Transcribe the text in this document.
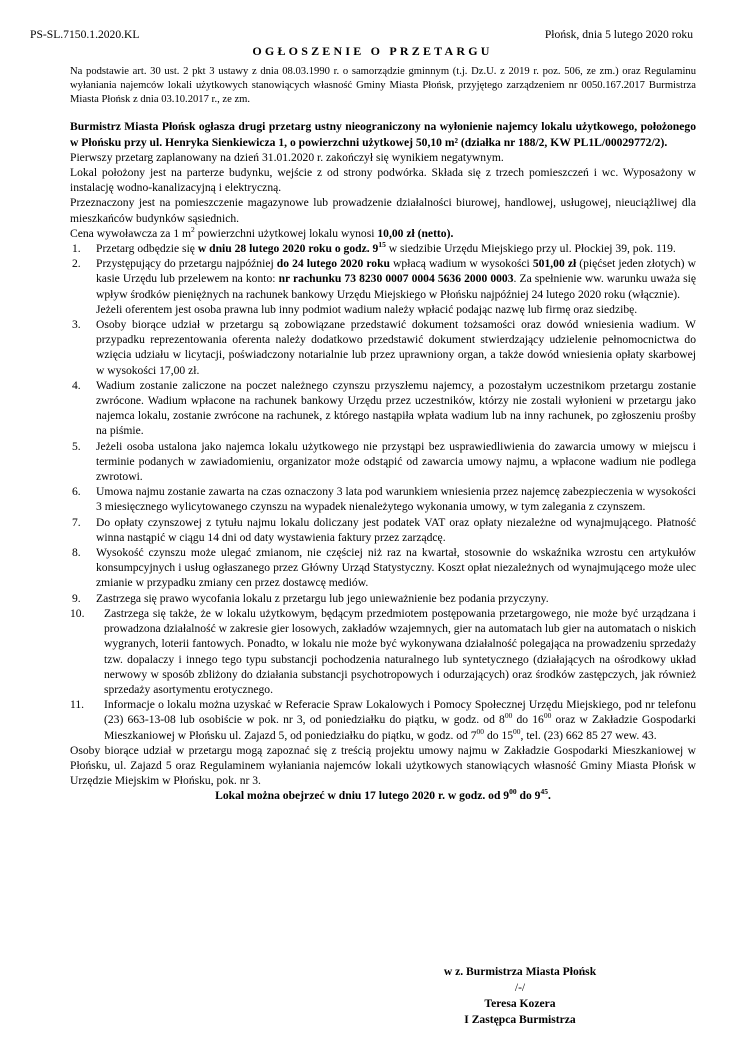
PS-SL.7150.1.2020.KL	Płońsk, dnia 5 lutego 2020 roku
OGŁOSZENIE O PRZETARGU

Na podstawie art. 30 ust. 2 pkt 3 ustawy z dnia 08.03.1990 r. o samorządzie gminnym (t.j. Dz.U. z 2019 r. poz. 506, ze zm.) oraz Regulaminu wyłaniania najemców lokali użytkowych stanowiących własność Gminy Miasta Płońsk, przyjętego zarządzeniem nr 0050.167.2017 Burmistrza Miasta Płońsk z dnia 03.10.2017 r., ze zm.

Burmistrz Miasta Płońsk ogłasza drugi przetarg ustny nieograniczony na wyłonienie najemcy lokalu użytkowego, położonego w Płońsku przy ul. Henryka Sienkiewicza 1, o powierzchni użytkowej 50,10 m² (działka nr 188/2, KW PL1L/00029772/2).

Pierwszy przetarg zaplanowany na dzień 31.01.2020 r. zakończył się wynikiem negatywnym.

Lokal położony jest na parterze budynku, wejście z od strony podwórka. Składa się z trzech pomieszczeń i wc. Wyposażony w instalację wodno-kanalizacyjną i elektryczną.

Przeznaczony jest na pomieszczenie magazynowe lub prowadzenie działalności biurowej, handlowej, usługowej, nieuciążliwej dla mieszkańców budynków sąsiednich.

Cena wywoławcza za 1 $m^2$ powierzchni użytkowej lokalu wynosi 10,00 zł (netto).

1. Przetarg odbędzie się w dniu 28 lutego 2020 roku o godz. $9^{15}$ w siedzibie Urzędu Miejskiego przy ul. Płockiej 39, pok. 119.
2. Przystępujący do przetargu najpóźniej do 24 lutego 2020 roku wpłacą wadium w wysokości 501,00 zł (pięćset jeden złotych) w kasie Urzędu lub przelewem na konto: nr rachunku 73 8230 0007 0004 5636 2000 0003. Za spełnienie ww. warunku uważa się wpływ środków pieniężnych na rachunek bankowy Urzędu Miejskiego w Płońsku najpóźniej 24 lutego 2020 roku (włącznie).
Jeżeli oferentem jest osoba prawna lub inny podmiot wadium należy wpłacić podając nazwę lub firmę oraz siedzibę.
3. Osoby biorące udział w przetargu są zobowiązane przedstawić dokument tożsamości oraz dowód wniesienia wadium. W przypadku reprezentowania oferenta należy dodatkowo przedstawić dokument stwierdzający udzielenie pełnomocnictwa do wzięcia udziału w licytacji, poświadczony notarialnie lub przez uprawniony organ, a także dowód wniesienia opłaty skarbowej w wysokości 17,00 zł.
4. Wadium zostanie zaliczone na poczet należnego czynszu przyszłemu najemcy, a pozostałym uczestnikom przetargu zostanie zwrócone. Wadium wpłacone na rachunek bankowy Urzędu przez uczestników, którzy nie zostali wyłonieni w przetargu jako najemca lokalu, zostanie zwrócone na rachunek, z którego nastąpiła wpłata wadium lub na inny rachunek, po zgłoszeniu prośby na piśmie.
5. Jeżeli osoba ustalona jako najemca lokalu użytkowego nie przystąpi bez usprawiedliwienia do zawarcia umowy w miejscu i terminie podanych w zawiadomieniu, organizator może odstąpić od zawarcia umowy najmu, a wpłacone wadium nie podlega zwrotowi.
6. Umowa najmu zostanie zawarta na czas oznaczony 3 lata pod warunkiem wniesienia przez najemcę zabezpieczenia w wysokości 3 miesięcznego wylicytowanego czynszu na wypadek nienależytego wykonania umowy, w tym zalegania z czynszem.
7. Do opłaty czynszowej z tytułu najmu lokalu doliczany jest podatek VAT oraz opłaty niezależne od wynajmującego. Płatność winna nastąpić w ciągu 14 dni od daty wystawienia faktury przez zarządcę.
8. Wysokość czynszu może ulegać zmianom, nie częściej niż raz na kwartał, stosownie do wskaźnika wzrostu cen artykułów konsumpcyjnych i usług ogłaszanego przez Główny Urząd Statystyczny. Koszt opłat niezależnych od wynajmującego może ulec zmianie w przypadku zmiany cen przez dostawcę mediów.
9. Zastrzega się prawo wycofania lokalu z przetargu lub jego unieważnienie bez podania przyczyny.
10. Zastrzega się także, że w lokalu użytkowym, będącym przedmiotem postępowania przetargowego, nie może być urządzana i prowadzona działalność w zakresie gier losowych, zakładów wzajemnych, gier na automatach lub gier na automatach o niskich wygranych, loterii fantowych. Ponadto, w lokalu nie może być wykonywana działalność polegająca na prowadzeniu sprzedaży tzw. dopalaczy i innego tego typu substancji pochodzenia naturalnego lub syntetycznego (działających na ośrodkowy układ nerwowy w sposób zbliżony do działania substancji psychotropowych i odurzających) oraz środków zastępczych, jak również sprzedaży asortymentu erotycznego.
11. Informacje o lokalu można uzyskać w Referacie Spraw Lokalowych i Pomocy Społecznej Urzędu Miejskiego, pod nr telefonu (23) 663-13-08 lub osobiście w pok. nr 3, od poniedziałku do piątku, w godz. od $8^{00}$ do $16^{00}$ oraz w Zakładzie Gospodarki Mieszkaniowej w Płońsku ul. Zajazd 5, od poniedziałku do piątku, w godz. od $7^{00}$ do $15^{00}$, tel. (23) 662 85 27 wew. 43.

Osoby biorące udział w przetargu mogą zapoznać się z treścią projektu umowy najmu w Zakładzie Gospodarki Mieszkaniowej w Płońsku, ul. Zajazd 5 oraz Regulaminem wyłaniania najemców lokali użytkowych stanowiących własność Gminy Miasta Płońsk w Urzędzie Miejskim w Płońsku, pok. nr 3.

Lokal można obejrzeć w dniu 17 lutego 2020 r. w godz. od $9^{00}$ do $9^{45}$.

w z. Burmistrza Miasta Płońsk
/-/
Teresa Kozera
I Zastępca Burmistrza
